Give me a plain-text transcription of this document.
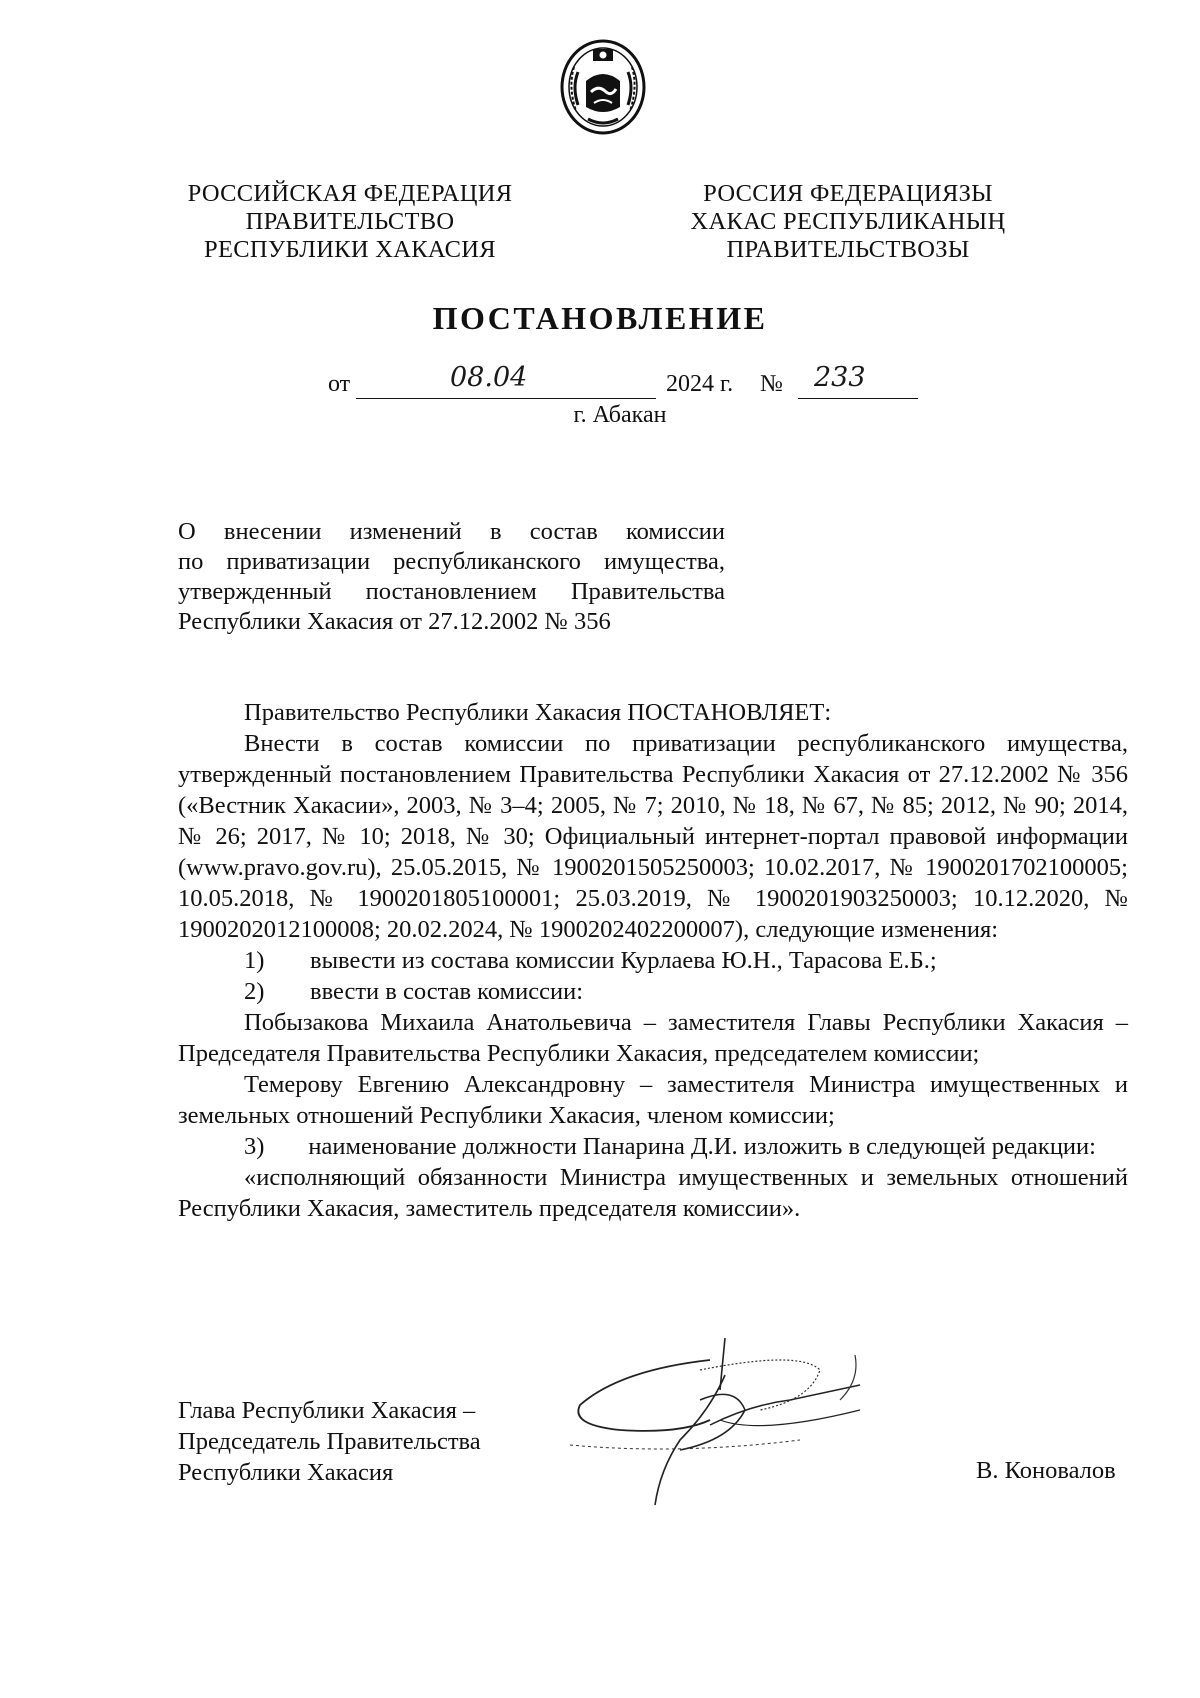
РОССИЙСКАЯ ФЕДЕРАЦИЯ
ПРАВИТЕЛЬСТВО
РЕСПУБЛИКИ ХАКАСИЯ
РОССИЯ ФЕДЕРАЦИЯЗЫ
ХАКАС РЕСПУБЛИКАНЫҢ
ПРАВИТЕЛЬСТВОЗЫ
ПОСТАНОВЛЕНИЕ
от	08.04	2024 г. № 233
г. Абакан
О внесении изменений в состав комиссии
по приватизации республиканского имущества,
утвержденный постановлением Правительства
Республики Хакасия от 27.12.2002 № 356

Правительство Республики Хакасия ПОСТАНОВЛЯЕТ:

Внести в состав комиссии по приватизации республиканского имущества, утвержденный постановлением Правительства Республики Хакасия от 27.12.2002 № 356 («Вестник Хакасии», 2003, № 3–4; 2005, № 7; 2010, № 18, № 67, № 85; 2012, № 90; 2014, № 26; 2017, № 10; 2018, № 30; Официальный интернет-портал правовой информации (www.pravo.gov.ru), 25.05.2015, № 1900201505250003; 10.02.2017, № 1900201702100005; 10.05.2018, № 1900201805100001; 25.03.2019, № 1900201903250003; 10.12.2020, № 1900202012100008; 20.02.2024, № 1900202402200007), следующие изменения:

1)	вывести из состава комиссии Курлаева Ю.Н., Тарасова Е.Б.;
2)	ввести в состав комиссии:

Побызакова Михаила Анатольевича – заместителя Главы Республики Хакасия – Председателя Правительства Республики Хакасия, председателем комиссии;

Темерову Евгению Александровну – заместителя Министра имущественных и земельных отношений Республики Хакасия, членом комиссии;

3) наименование должности Панарина Д.И. изложить в следующей редакции:

«исполняющий обязанности Министра имущественных и земельных отношений Республики Хакасия, заместитель председателя комиссии».

Глава Республики Хакасия –
Председатель Правительства
Республики Хакасия	В. Коновалов
